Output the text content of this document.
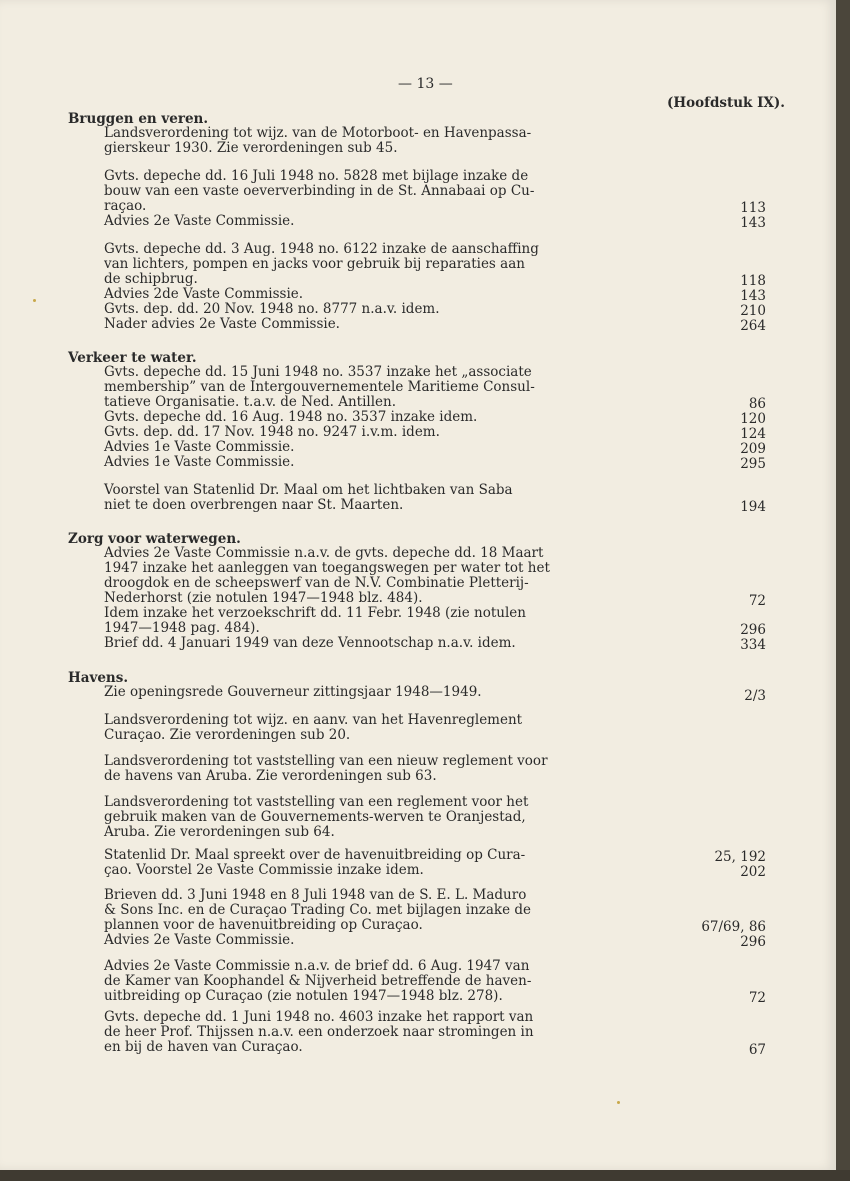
— 13 —
(Hoofdstuk IX).
Bruggen en veren.
Landsverordening tot wijz. van de Motorboot- en Havenpassa-
gierskeur 1930. Zie verordeningen sub 45.
Gvts. depeche dd. 16 Juli 1948 no. 5828 met bijlage inzake de
bouw van een vaste oeververbinding in de St. Annabaai op Cu-
raçao.
Advies 2e Vaste Commissie.
Gvts. depeche dd. 3 Aug. 1948 no. 6122 inzake de aanschaffing
van lichters, pompen en jacks voor gebruik bij reparaties aan
de schipbrug.
Advies 2de Vaste Commissie.
Gvts. dep. dd. 20 Nov. 1948 no. 8777 n.a.v. idem.
Nader advies 2e Vaste Commissie.
113
143
118
143
210
264
Verkeer te water.
Gvts. depeche dd. 15 Juni 1948 no. 3537 inzake het „associate
membership” van de Intergouvernementele Maritieme Consul-
tatieve Organisatie. t.a.v. de Ned. Antillen.
Gvts. depeche dd. 16 Aug. 1948 no. 3537 inzake idem.
Gvts. dep. dd. 17 Nov. 1948 no. 9247 i.v.m. idem.
Advies 1e Vaste Commissie.
Advies 1e Vaste Commissie.
Voorstel van Statenlid Dr. Maal om het lichtbaken van Saba
niet te doen overbrengen naar St. Maarten.
86
120
124
209
295
194
Zorg voor waterwegen.
Advies 2e Vaste Commissie n.a.v. de gvts. depeche dd. 18 Maart
1947 inzake het aanleggen van toegangswegen per water tot het
droogdok en de scheepswerf van de N.V. Combinatie Pletterij-
Nederhorst (zie notulen 1947—1948 blz. 484).
Idem inzake het verzoekschrift dd. 11 Febr. 1948 (zie notulen
1947—1948 pag. 484).
Brief dd. 4 Januari 1949 van deze Vennootschap n.a.v. idem.
72
296
334
Havens.
Zie openingsrede Gouverneur zittingsjaar 1948—1949.
Landsverordening tot wijz. en aanv. van het Havenreglement
Curaçao. Zie verordeningen sub 20.
Landsverordening tot vaststelling van een nieuw reglement voor
de havens van Aruba. Zie verordeningen sub 63.
Landsverordening tot vaststelling van een reglement voor het
gebruik maken van de Gouvernements-werven te Oranjestad,
Aruba. Zie verordeningen sub 64.
Statenlid Dr. Maal spreekt over de havenuitbreiding op Cura-
çao. Voorstel 2e Vaste Commissie inzake idem.
Brieven dd. 3 Juni 1948 en 8 Juli 1948 van de S. E. L. Maduro
& Sons Inc. en de Curaçao Trading Co. met bijlagen inzake de
plannen voor de havenuitbreiding op Curaçao.
Advies 2e Vaste Commissie.
Advies 2e Vaste Commissie n.a.v. de brief dd. 6 Aug. 1947 van
de Kamer van Koophandel & Nijverheid betreffende de haven-
uitbreiding op Curaçao (zie notulen 1947—1948 blz. 278).
Gvts. depeche dd. 1 Juni 1948 no. 4603 inzake het rapport van
de heer Prof. Thijssen n.a.v. een onderzoek naar stromingen in
en bij de haven van Curaçao.
2/3
25, 192
202
67/69, 86
296
72
67
